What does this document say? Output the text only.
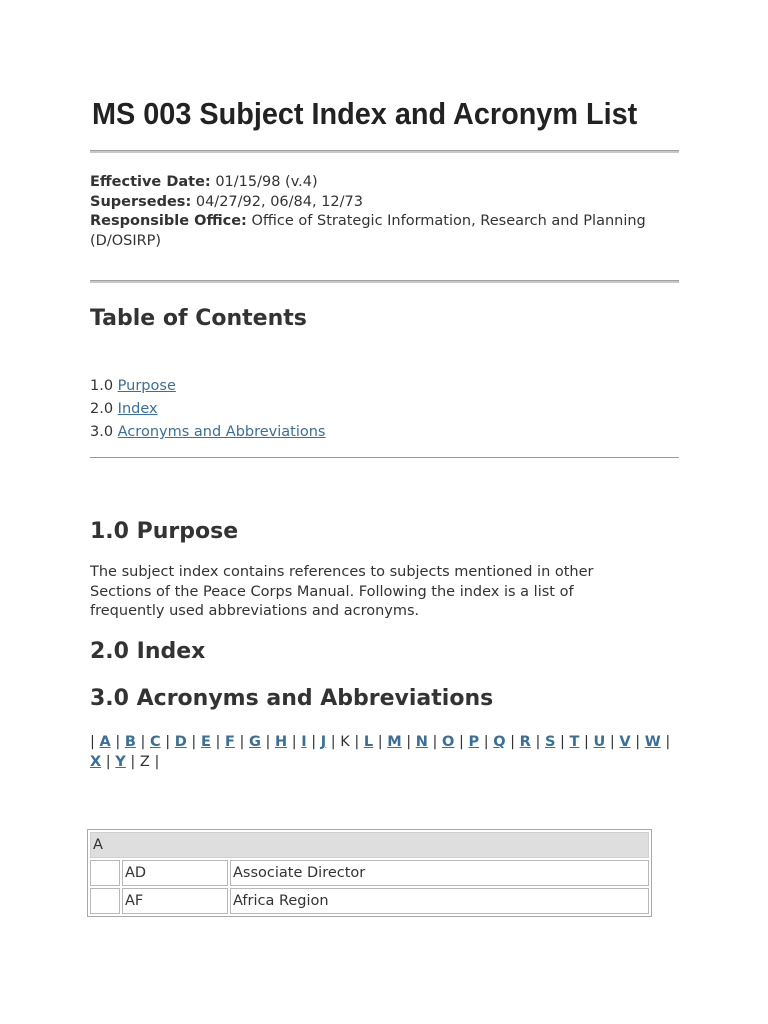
MS 003 Subject Index and Acronym List
Effective Date: 01/15/98 (v.4)
Supersedes: 04/27/92, 06/84, 12/73
Responsible Office: Office of Strategic Information, Research and Planning (D/OSIRP)
Table of Contents
1.0 Purpose
2.0 Index
3.0 Acronyms and Abbreviations
1.0 Purpose
The subject index contains references to subjects mentioned in other Sections of the Peace Corps Manual. Following the index is a list of frequently used abbreviations and acronyms.
2.0 Index
3.0 Acronyms and Abbreviations
| A | B | C | D | E | F | G | H | I | J | K | L | M | N | O | P | Q | R | S | T | U | V | W | X | Y | Z |
A		
	AD	Associate Director
	AF	Africa Region
